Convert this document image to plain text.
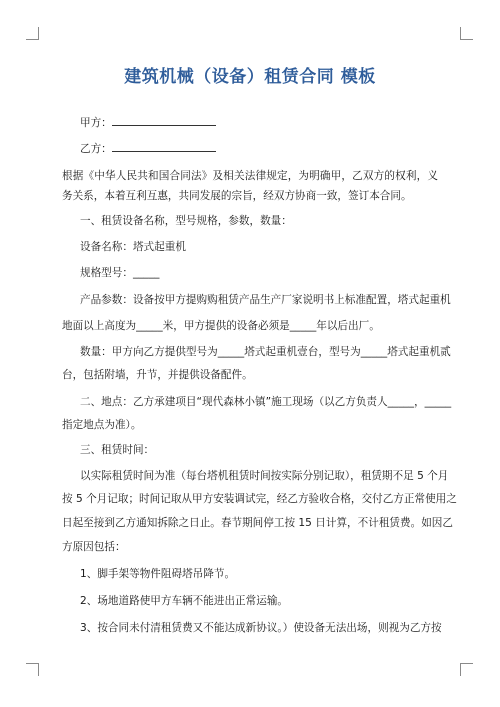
建筑机械（设备）租赁合同 模板
甲方：
乙方：
根据《中华人民共和国合同法》及相关法律规定，为明确甲，乙双方的权利，义
务关系，本着互利互惠，共同发展的宗旨，经双方协商一致，签订本合同。
一、租赁设备名称，型号规格，参数，数量：
设备名称：塔式起重机
规格型号：_____
产品参数：设备按甲方提购购租赁产品生产厂家说明书上标准配置，塔式起重机
地面以上高度为_____米，甲方提供的设备必须是_____年以后出厂。
数量：甲方向乙方提供型号为_____塔式起重机壹台，型号为_____塔式起重机贰
台，包括附墙，升节，并提供设备配件。
二、地点：乙方承建项目“现代森林小镇”施工现场（以乙方负责人_____，_____
指定地点为准）。
三、租赁时间：
以实际租赁时间为准（每台塔机租赁时间按实际分别记取），租赁期不足 5 个月
按 5 个月记取；时间记取从甲方安装调试完，经乙方验收合格，交付乙方正常使用之
日起至接到乙方通知拆除之日止。春节期间停工按 15 日计算，不计租赁费。如因乙
方原因包括：
1、脚手架等物件阻碍塔吊降节。
2、场地道路使甲方车辆不能进出正常运输。
3、按合同未付清租赁费又不能达成新协议。）使设备无法出场，则视为乙方按
